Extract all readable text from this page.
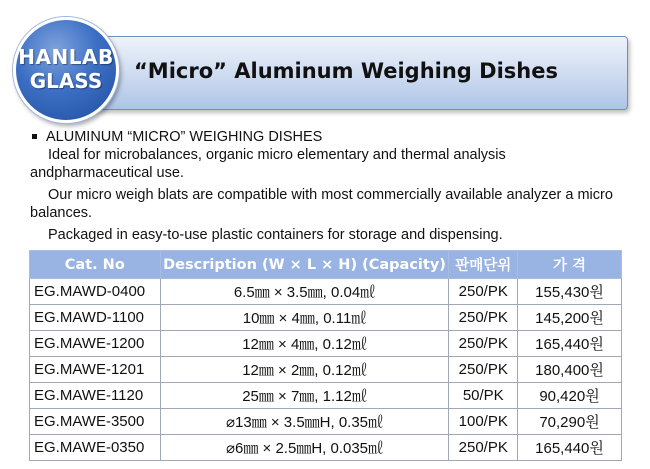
“Micro” Aluminum Weighing Dishes
HANLAB
GLASS

ALUMINUM “MICRO” WEIGHING DISHES

Ideal for microbalances, organic micro elementary and thermal analysis

andpharmaceutical use.

Our micro weigh blats are compatible with most commercially available analyzer a micro

balances.

Packaged in easy-to-use plastic containers for storage and dispensing.

Cat. No	Description (W × L × H) (Capacity)	판매단위	가 격
EG.MAWD-0400	6.5㎜ × 3.5㎜, 0.04㎖	250/PK	155,430원
EG.MAWD-1100	10㎜ × 4㎜, 0.11㎖	250/PK	145,200원
EG.MAWE-1200	12㎜ × 4㎜, 0.12㎖	250/PK	165,440원
EG.MAWE-1201	12㎜ × 2㎜, 0.12㎖	250/PK	180,400원
EG.MAWE-1120	25㎜ × 7㎜, 1.12㎖	50/PK	90,420원
EG.MAWE-3500	⌀13㎜ × 3.5㎜H, 0.35㎖	100/PK	70,290원
EG.MAWE-0350	⌀6㎜ × 2.5㎜H, 0.035㎖	250/PK	165,440원
